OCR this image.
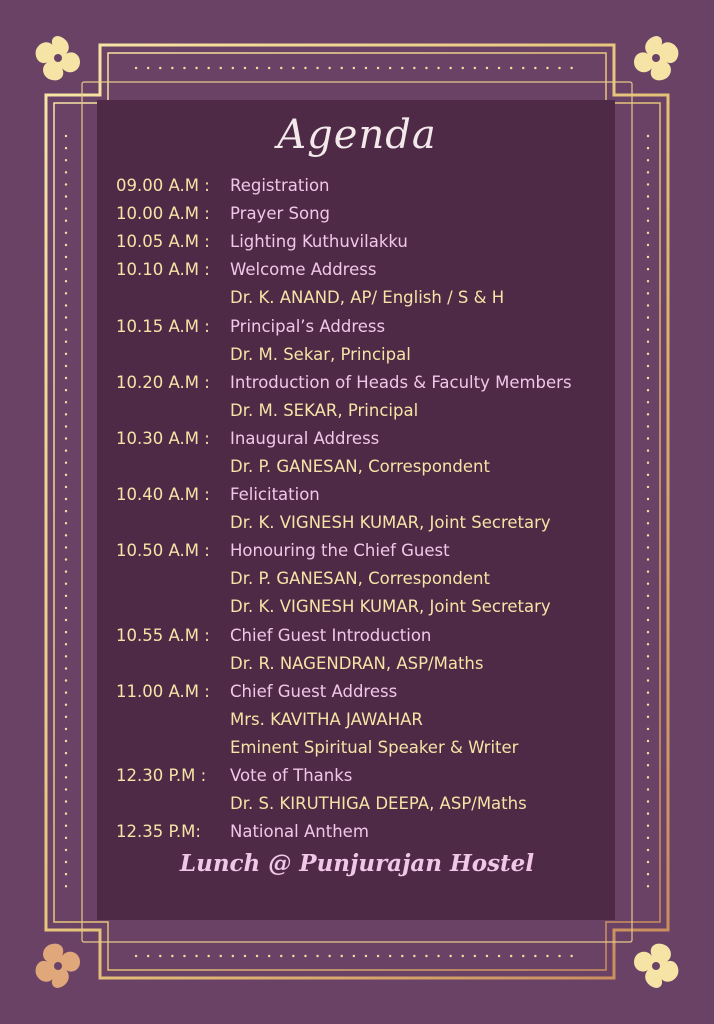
Agenda
09.00 A.M :	Registration
10.00 A.M :	Prayer Song
10.05 A.M :	Lighting Kuthuvilakku
10.10 A.M :	Welcome Address
Dr. K. ANAND, AP/ English / S & H
10.15 A.M :	Principal’s Address
Dr. M. Sekar, Principal
10.20 A.M :	Introduction of Heads & Faculty Members
Dr. M. SEKAR, Principal
10.30 A.M :	Inaugural Address
Dr. P. GANESAN, Correspondent
10.40 A.M :	Felicitation
Dr. K. VIGNESH KUMAR, Joint Secretary
10.50 A.M :	Honouring the Chief Guest
Dr. P. GANESAN, Correspondent
Dr. K. VIGNESH KUMAR, Joint Secretary
10.55 A.M :	Chief Guest Introduction
Dr. R. NAGENDRAN, ASP/Maths
11.00 A.M :	Chief Guest Address
Mrs. KAVITHA JAWAHAR
Eminent Spiritual Speaker & Writer
12.30 P.M :	Vote of Thanks
Dr. S. KIRUTHIGA DEEPA, ASP/Maths
12.35 P.M:	National Anthem
Lunch @ Punjurajan Hostel
